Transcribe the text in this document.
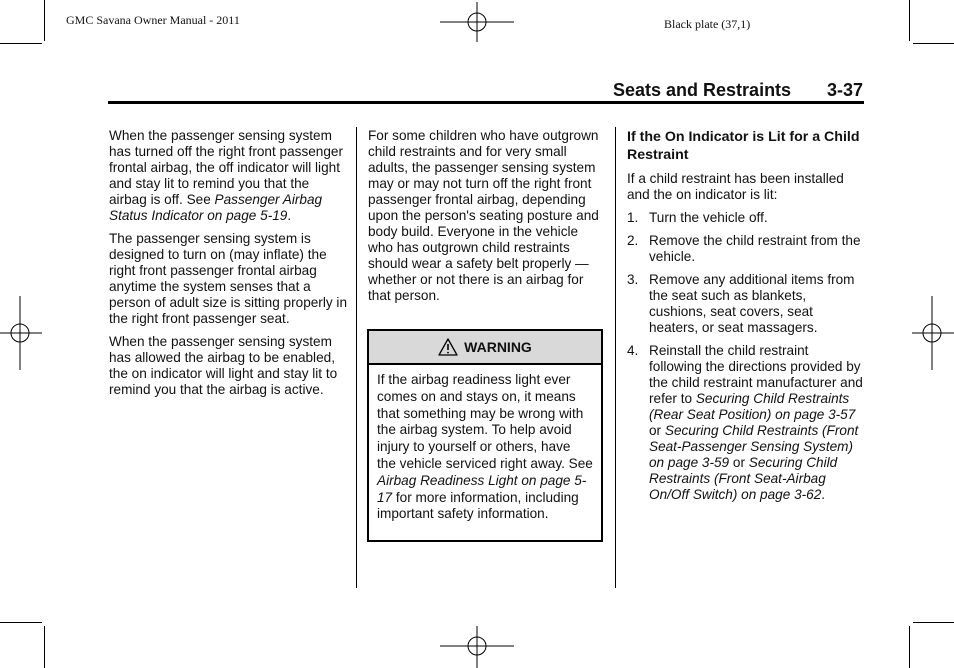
GMC Savana Owner Manual - 2011	Black plate (37,1)
Seats and Restraints 3-37

When the passenger sensing system has turned off the right front passenger frontal airbag, the off indicator will light and stay lit to remind you that the airbag is off. See Passenger Airbag Status Indicator on page 5-19.

The passenger sensing system is designed to turn on (may inflate) the right front passenger frontal airbag anytime the system senses that a person of adult size is sitting properly in the right front passenger seat.

When the passenger sensing system has allowed the airbag to be enabled, the on indicator will light and stay lit to remind you that the airbag is active.

For some children who have outgrown child restraints and for very small adults, the passenger sensing system may or may not turn off the right front passenger frontal airbag, depending upon the person's seating posture and body build. Everyone in the vehicle who has outgrown child restraints should wear a safety belt properly — whether or not there is an airbag for that person.

WARNING
If the airbag readiness light ever comes on and stays on, it means that something may be wrong with the airbag system. To help avoid injury to yourself or others, have the vehicle serviced right away. See Airbag Readiness Light on page 5-17 for more information, including important safety information.
If the On Indicator is Lit for a Child Restraint

If a child restraint has been installed and the on indicator is lit:

1. Turn the vehicle off.
2. Remove the child restraint from the vehicle.
3. Remove any additional items from the seat such as blankets, cushions, seat covers, seat heaters, or seat massagers.
4. Reinstall the child restraint following the directions provided by the child restraint manufacturer and refer to Securing Child Restraints (Rear Seat Position) on page 3-57 or Securing Child Restraints (Front Seat-Passenger Sensing System) on page 3-59 or Securing Child Restraints (Front Seat-Airbag On/Off Switch) on page 3-62.
